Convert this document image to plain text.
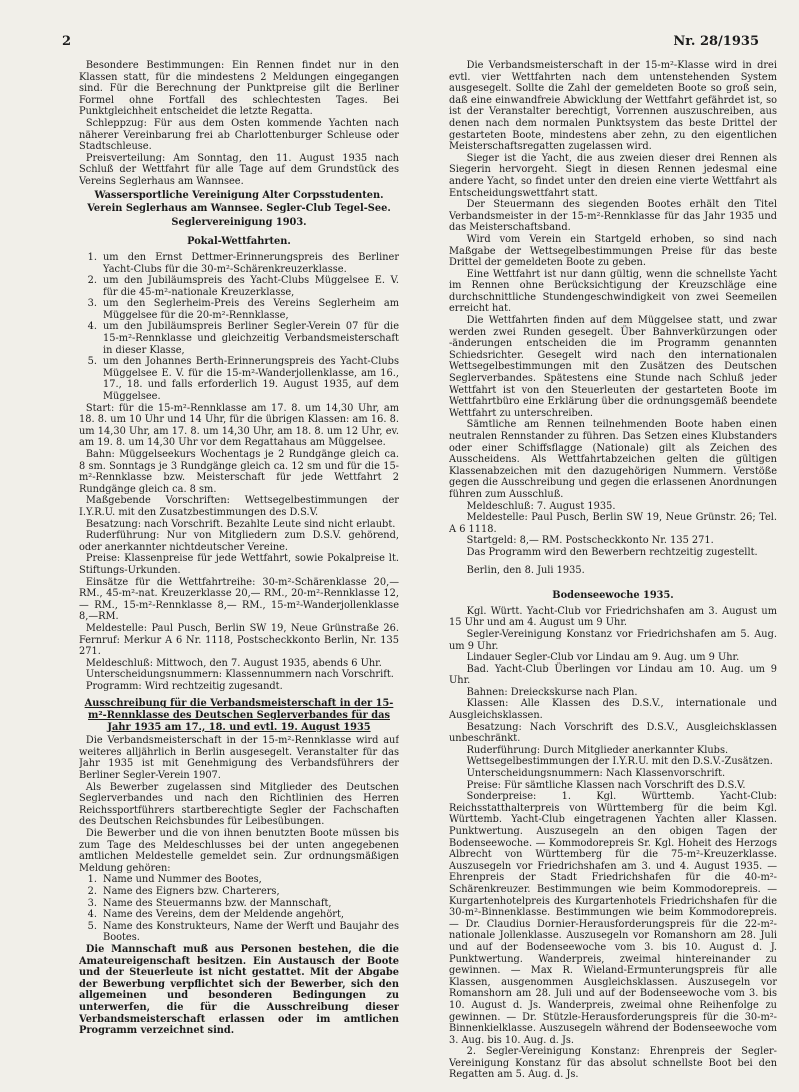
2	Nr. 28/1935

Besondere Bestimmungen: Ein Rennen findet nur in den Klassen statt, für die mindestens 2 Meldungen eingegangen sind. Für die Berechnung der Punktpreise gilt die Berliner Formel ohne Fortfall des schlechtesten Tages. Bei Punktgleichheit entscheidet die letzte Regatta.

Schleppzug: Für aus dem Osten kommende Yachten nach näherer Vereinbarung frei ab Charlottenburger Schleuse oder Stadtschleuse.

Preisverteilung: Am Sonntag, den 11. August 1935 nach Schluß der Wettfahrt für alle Tage auf dem Grundstück des Vereins Seglerhaus am Wannsee.

Wassersportliche Vereinigung Alter Corpsstudenten.
Verein Seglerhaus am Wannsee. Segler-Club Tegel-See.
Seglervereinigung 1903.
Pokal-Wettfahrten.
1. um den Ernst Dettmer-Erinnerungspreis des Berliner Yacht-Clubs für die 30-m²-Schärenkreuzerklasse.
2. um den Jubiläumspreis des Yacht-Clubs Müggelsee E. V. für die 45-m²-nationale Kreuzerklasse,
3. um den Seglerheim-Preis des Vereins Seglerheim am Müggelsee für die 20-m²-Rennklasse,
4. um den Jubiläumspreis Berliner Segler-Verein 07 für die 15-m²-Rennklasse und gleichzeitig Verbandsmeisterschaft in dieser Klasse,
5. um den Johannes Berth-Erinnerungspreis des Yacht-Clubs Müggelsee E. V. für die 15-m²-Wanderjollenklasse, am 16., 17., 18. und falls erforderlich 19. August 1935, auf dem Müggelsee.

Start: für die 15-m²-Rennklasse am 17. 8. um 14,30 Uhr, am 18. 8. um 10 Uhr und 14 Uhr, für die übrigen Klassen: am 16. 8. um 14,30 Uhr, am 17. 8. um 14,30 Uhr, am 18. 8. um 12 Uhr, ev. am 19. 8. um 14,30 Uhr vor dem Regattahaus am Müggelsee.

Bahn: Müggelseekurs Wochentags je 2 Rundgänge gleich ca. 8 sm. Sonntags je 3 Rundgänge gleich ca. 12 sm und für die 15-m²-Rennklasse bzw. Meisterschaft für jede Wettfahrt 2 Rundgänge gleich ca. 8 sm.

Maßgebende Vorschriften: Wettsegelbestimmungen der I.Y.R.U. mit den Zusatzbestimmungen des D.S.V.

Besatzung: nach Vorschrift. Bezahlte Leute sind nicht erlaubt.

Ruderführung: Nur von Mitgliedern zum D.S.V. gehörend, oder anerkannter nichtdeutscher Vereine.

Preise: Klassenpreise für jede Wettfahrt, sowie Pokalpreise lt. Stiftungs-Urkunden.

Einsätze für die Wettfahrtreihe: 30-m²-Schärenklasse 20,— RM., 45-m²-nat. Kreuzerklasse 20,— RM., 20-m²-Rennklasse 12,— RM., 15-m²-Rennklasse 8,— RM., 15-m²-Wanderjollenklasse 8,—RM.

Meldestelle: Paul Pusch, Berlin SW 19, Neue Grünstraße 26. Fernruf: Merkur A 6 Nr. 1118, Postscheckkonto Berlin, Nr. 135 271.

Meldeschluß: Mittwoch, den 7. August 1935, abends 6 Uhr.

Unterscheidungsnummern: Klassennummern nach Vorschrift.

Programm: Wird rechtzeitig zugesandt.

Ausschreibung für die Verbandsmeisterschaft in der 15-m²-Rennklasse des Deutschen Seglerverbandes für das Jahr 1935 am 17., 18. und evtl. 19. August 1935

Die Verbandsmeisterschaft in der 15-m²-Rennklasse wird auf weiteres alljährlich in Berlin ausgesegelt. Veranstalter für das Jahr 1935 ist mit Genehmigung des Verbandsführers der Berliner Segler-Verein 1907.

Als Bewerber zugelassen sind Mitglieder des Deutschen Seglerverbandes und nach den Richtlinien des Herren Reichssportführers startberechtigte Segler der Fachschaften des Deutschen Reichsbundes für Leibesübungen.

Die Bewerber und die von ihnen benutzten Boote müssen bis zum Tage des Meldeschlusses bei der unten angegebenen amtlichen Meldestelle gemeldet sein. Zur ordnungsmäßigen Meldung gehören:

1. Name und Nummer des Bootes,
2. Name des Eigners bzw. Charterers,
3. Name des Steuermanns bzw. der Mannschaft,
4. Name des Vereins, dem der Meldende angehört,
5. Name des Konstrukteurs, Name der Werft und Baujahr des Bootes.

Die Mannschaft muß aus Personen bestehen, die die Amateureigenschaft besitzen. Ein Austausch der Boote und der Steuerleute ist nicht gestattet. Mit der Abgabe der Bewerbung verpflichtet sich der Bewerber, sich den allgemeinen und besonderen Bedingungen zu unterwerfen, die für die Ausschreibung dieser Verbandsmeisterschaft erlassen oder im amtlichen Programm verzeichnet sind.

Die Verbandsmeisterschaft in der 15-m²-Klasse wird in drei evtl. vier Wettfahrten nach dem untenstehenden System ausgesegelt. Sollte die Zahl der gemeldeten Boote so groß sein, daß eine einwandfreie Abwicklung der Wettfahrt gefährdet ist, so ist der Veranstalter berechtigt, Vorrennen auszuschreiben, aus denen nach dem normalen Punktsystem das beste Drittel der gestarteten Boote, mindestens aber zehn, zu den eigentlichen Meisterschaftsregatten zugelassen wird.

Sieger ist die Yacht, die aus zweien dieser drei Rennen als Siegerin hervorgeht. Siegt in diesen Rennen jedesmal eine andere Yacht, so findet unter den dreien eine vierte Wettfahrt als Entscheidungswettfahrt statt.

Der Steuermann des siegenden Bootes erhält den Titel Verbandsmeister in der 15-m²-Rennklasse für das Jahr 1935 und das Meisterschaftsband.

Wird vom Verein ein Startgeld erhoben, so sind nach Maßgabe der Wettsegelbestimmungen Preise für das beste Drittel der gemeldeten Boote zu geben.

Eine Wettfahrt ist nur dann gültig, wenn die schnellste Yacht im Rennen ohne Berücksichtigung der Kreuzschläge eine durchschnittliche Stundengeschwindigkeit von zwei Seemeilen erreicht hat.

Die Wettfahrten finden auf dem Müggelsee statt, und zwar werden zwei Runden gesegelt. Über Bahnverkürzungen oder -änderungen entscheiden die im Programm genannten Schiedsrichter. Gesegelt wird nach den internationalen Wettsegelbestimmungen mit den Zusätzen des Deutschen Seglerverbandes. Spätestens eine Stunde nach Schluß jeder Wettfahrt ist von den Steuerleuten der gestarteten Boote im Wettfahrtbüro eine Erklärung über die ordnungsgemäß beendete Wettfahrt zu unterschreiben.

Sämtliche am Rennen teilnehmenden Boote haben einen neutralen Rennstander zu führen. Das Setzen eines Klubstanders oder einer Schiffsflagge (Nationale) gilt als Zeichen des Ausscheidens. Als Wettfahrtabzeichen gelten die gültigen Klassenabzeichen mit den dazugehörigen Nummern. Verstöße gegen die Ausschreibung und gegen die erlassenen Anordnungen führen zum Ausschluß.

Meldeschluß: 7. August 1935.

Meldestelle: Paul Pusch, Berlin SW 19, Neue Grünstr. 26; Tel. A 6 1118.

Startgeld: 8,— RM. Postscheckkonto Nr. 135 271.

Das Programm wird den Bewerbern rechtzeitig zugestellt.

Berlin, den 8. Juli 1935.

Bodenseewoche 1935.

Kgl. Württ. Yacht-Club vor Friedrichshafen am 3. August um 15 Uhr und am 4. August um 9 Uhr.

Segler-Vereinigung Konstanz vor Friedrichshafen am 5. Aug. um 9 Uhr.

Lindauer Segler-Club vor Lindau am 9. Aug. um 9 Uhr.

Bad. Yacht-Club Überlingen vor Lindau am 10. Aug. um 9 Uhr.

Bahnen: Dreieckskurse nach Plan.

Klassen: Alle Klassen des D.S.V., internationale und Ausgleichsklassen.

Besatzung: Nach Vorschrift des D.S.V., Ausgleichsklassen unbeschränkt.

Ruderführung: Durch Mitglieder anerkannter Klubs.

Wettsegelbestimmungen der I.Y.R.U. mit den D.S.V.-Zusätzen.

Unterscheidungsnummern: Nach Klassenvorschrift.

Preise: Für sämtliche Klassen nach Vorschrift des D.S.V.

Sonderpreise: 1. Kgl. Württemb. Yacht-Club: Reichsstatthalterpreis von Württemberg für die beim Kgl. Württemb. Yacht-Club eingetragenen Yachten aller Klassen. Punktwertung. Auszusegeln an den obigen Tagen der Bodenseewoche. — Kommodorepreis Sr. Kgl. Hoheit des Herzogs Albrecht von Württemberg für die 75-m²-Kreuzerklasse. Auszusegeln vor Friedrichshafen am 3. und 4. August 1935. — Ehrenpreis der Stadt Friedrichshafen für die 40-m²-Schärenkreuzer. Bestimmungen wie beim Kommodorepreis. — Kurgartenhotelpreis des Kurgartenhotels Friedrichshafen für die 30-m²-Binnenklasse. Bestimmungen wie beim Kommodorepreis. — Dr. Claudius Dornier-Herausforderungspreis für die 22-m²-nationale Jollenklasse. Auszusegeln vor Romanshorn am 28. Juli und auf der Bodenseewoche vom 3. bis 10. August d. J. Punktwertung. Wanderpreis, zweimal hintereinander zu gewinnen. — Max R. Wieland-Ermunterungspreis für alle Klassen, ausgenommen Ausgleichsklassen. Auszusegeln vor Romanshorn am 28. Juli und auf der Bodenseewoche vom 3. bis 10. August d. Js. Wanderpreis, zweimal ohne Reihenfolge zu gewinnen. — Dr. Stützle-Herausforderungspreis für die 30-m²-Binnenkielklasse. Auszusegeln während der Bodenseewoche vom 3. Aug. bis 10. Aug. d. Js.

2. Segler-Vereinigung Konstanz: Ehrenpreis der Segler-Vereinigung Konstanz für das absolut schnellste Boot bei den Regatten am 5. Aug. d. Js.
